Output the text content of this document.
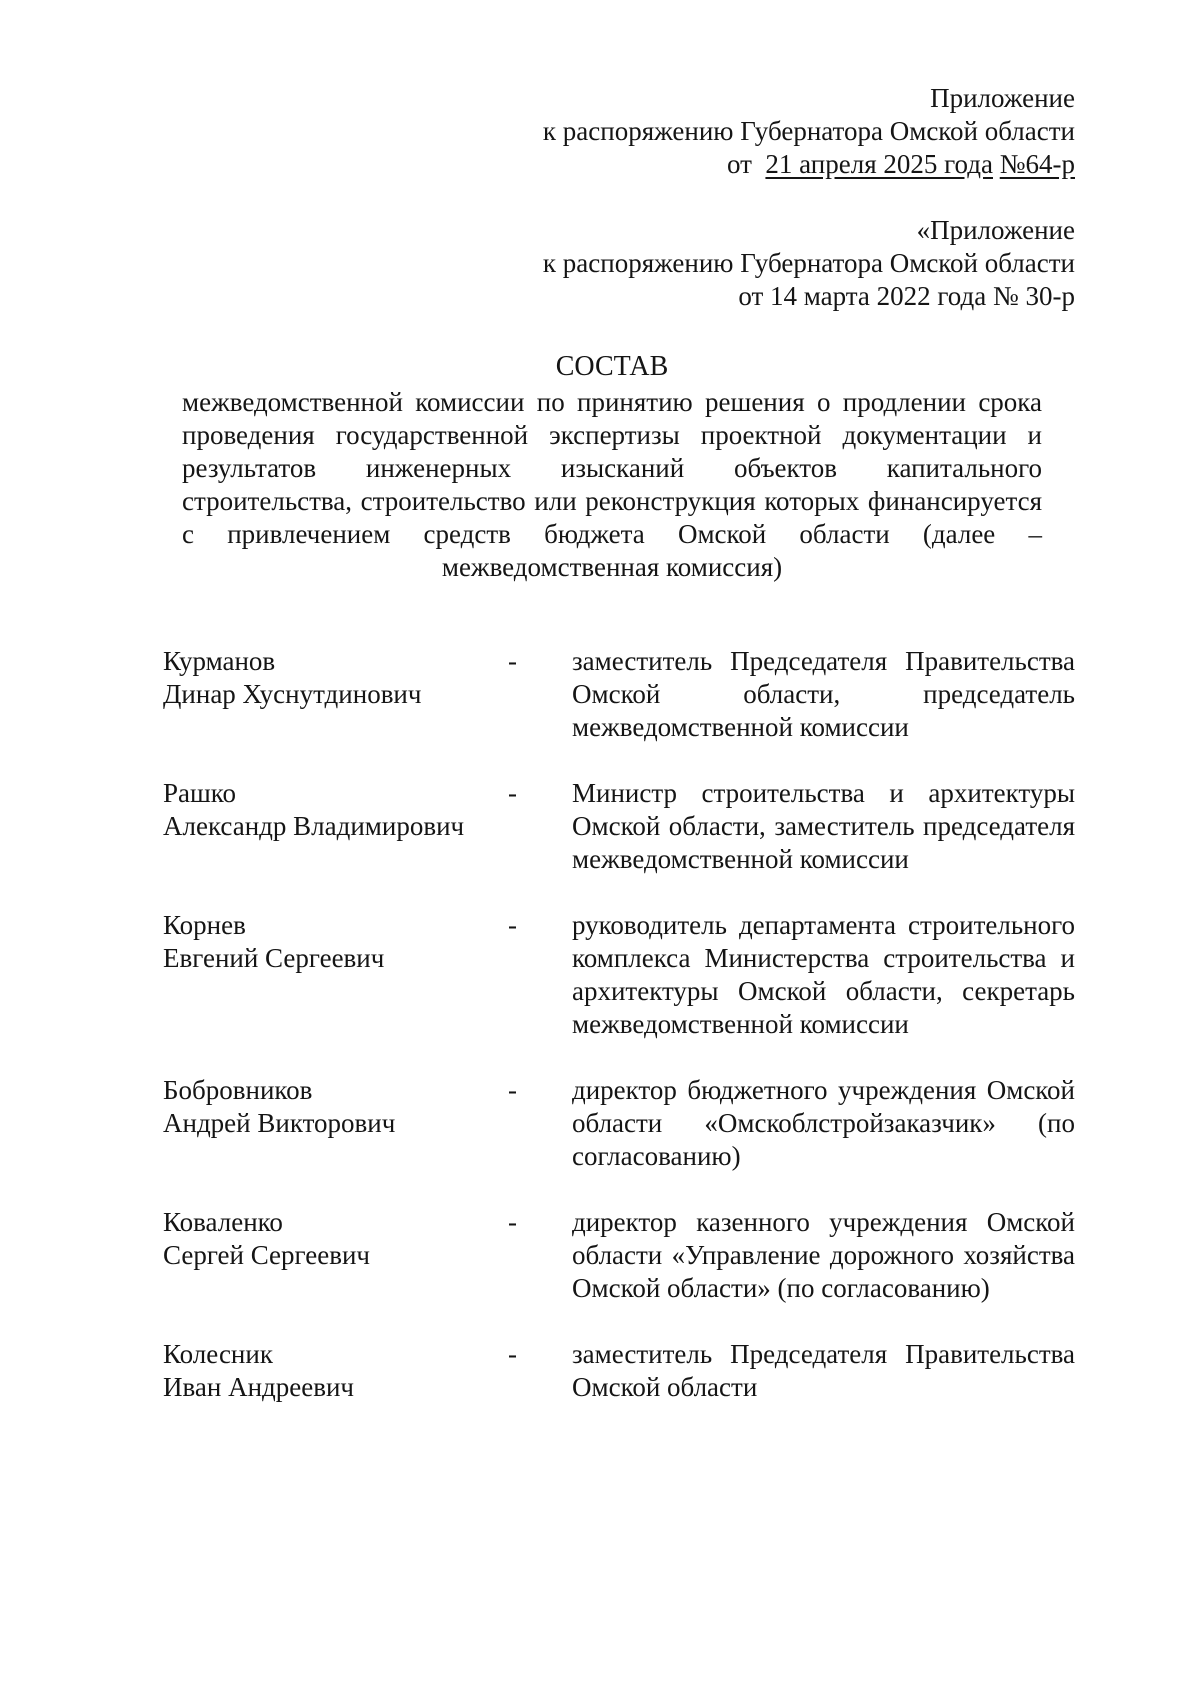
Приложение
к распоряжению Губернатора Омской области
от 21 апреля 2025 года №64-р
«Приложение
к распоряжению Губернатора Омской области
от 14 марта 2022 года № 30-р
СОСТАВ
межведомственной комиссии по принятию решения о продлении срока проведения государственной экспертизы проектной документации и результатов инженерных изысканий объектов капитального строительства, строительство или реконструкция которых финансируется с привлечением средств бюджета Омской области (далее – межведомственная комиссия)
Курманов
Динар Хуснутдинович
-	заместитель Председателя Правительства Омской области, председатель межведомственной комиссии
Рашко
Александр Владимирович
-	Министр строительства и архитектуры Омской области, заместитель председателя межведомственной комиссии
Корнев
Евгений Сергеевич
-	руководитель департамента строительного комплекса Министерства строительства и архитектуры Омской области, секретарь межведомственной комиссии
Бобровников
Андрей Викторович
-	директор бюджетного учреждения Омской области «Омскоблстройзаказчик» (по согласованию)
Коваленко
Сергей Сергеевич
-	директор казенного учреждения Омской области «Управление дорожного хозяйства Омской области» (по согласованию)
Колесник
Иван Андреевич
-	заместитель Председателя Правительства Омской области
